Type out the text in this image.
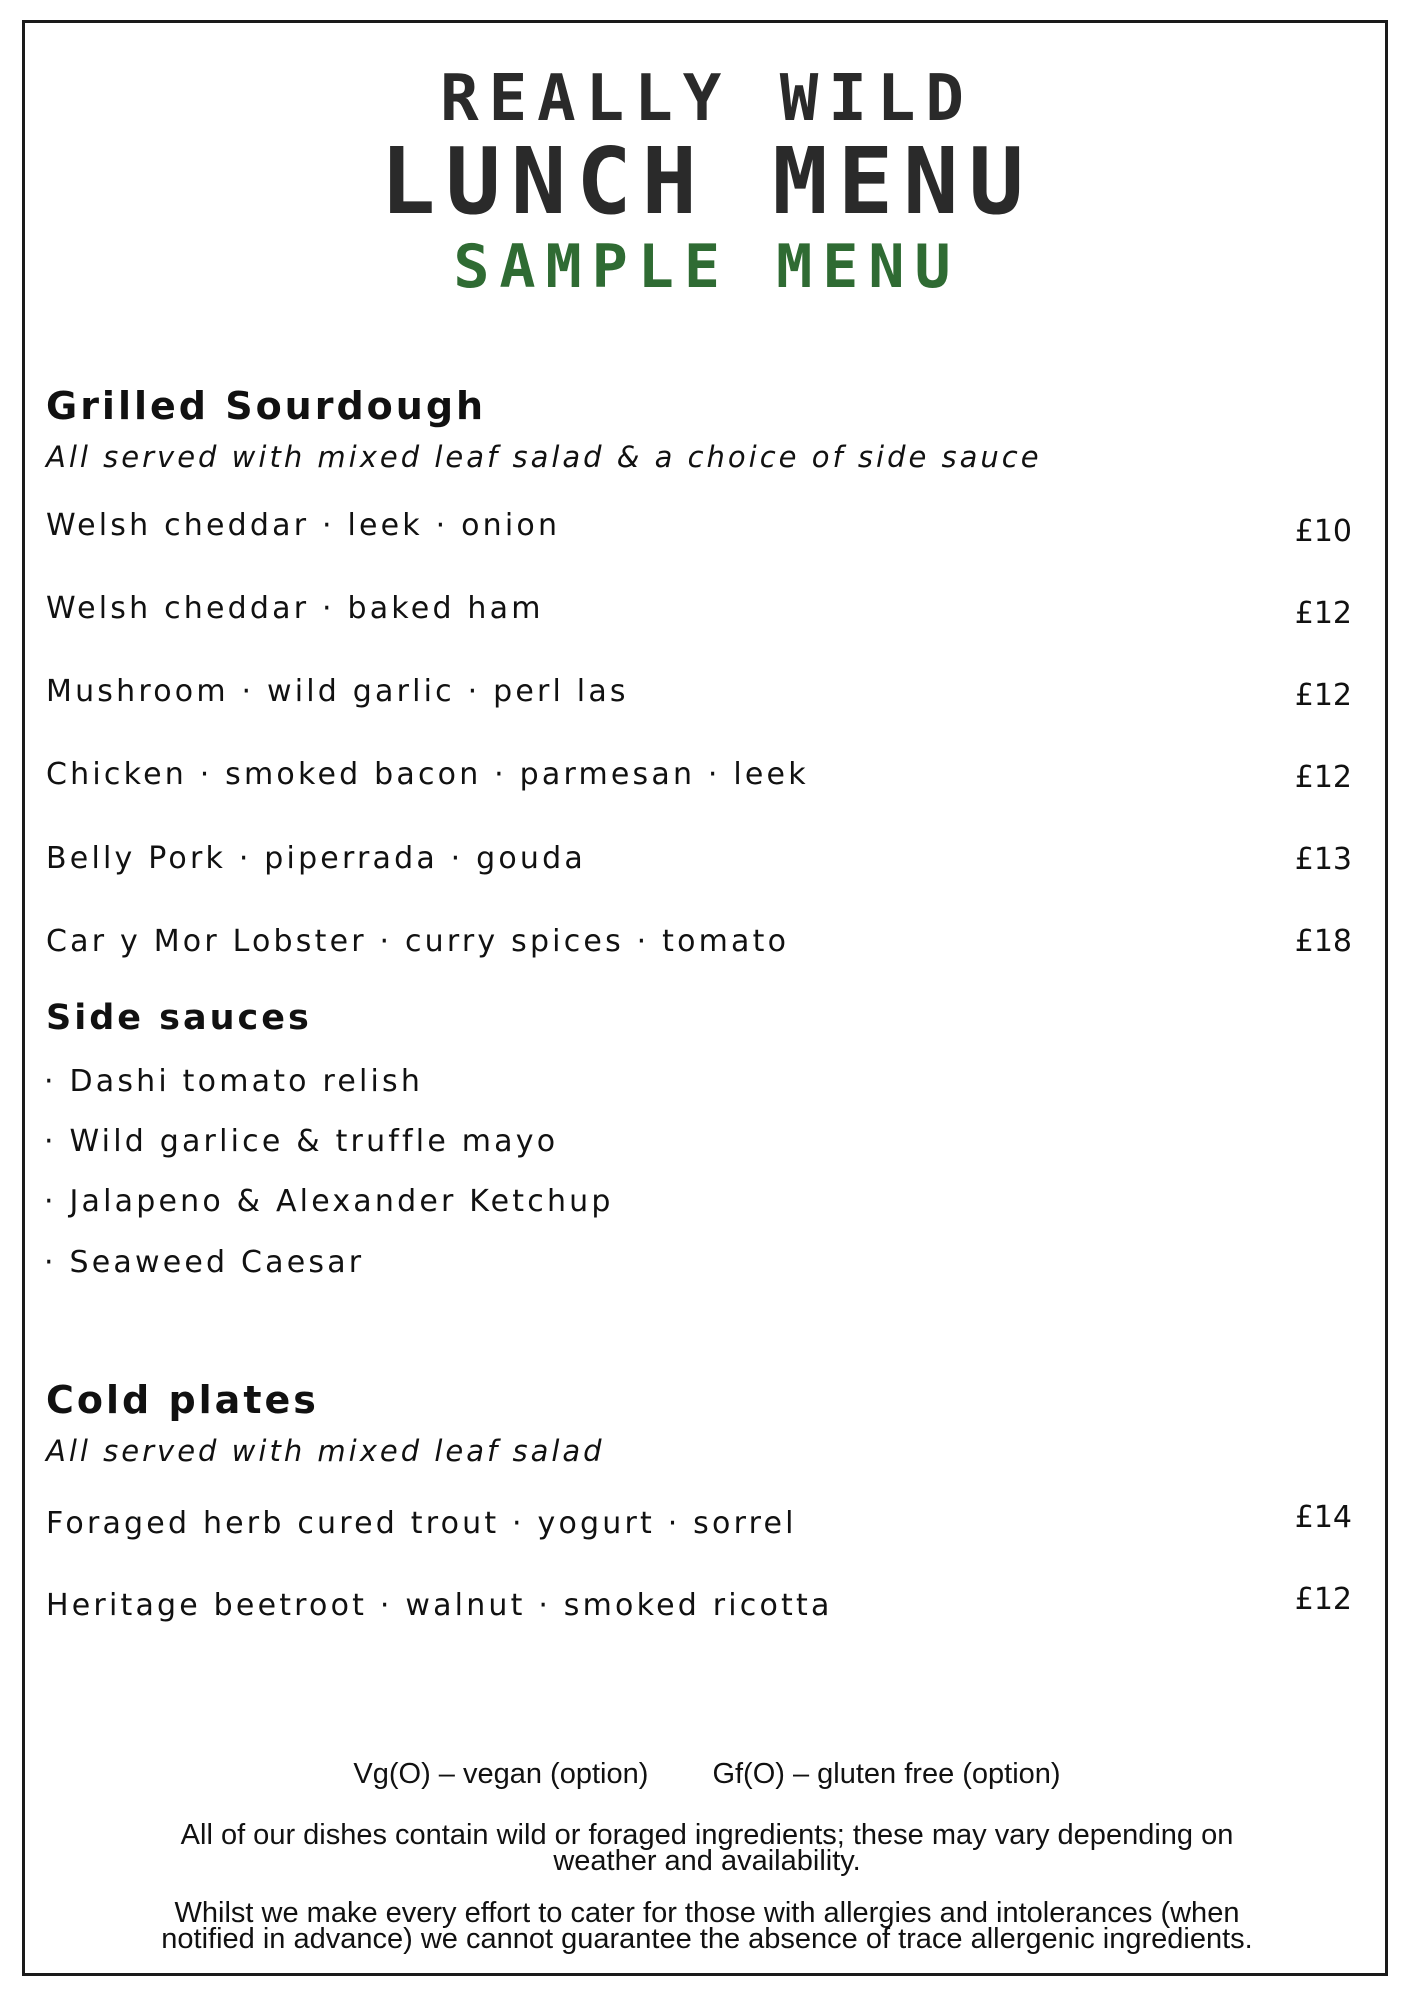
REALLY WILD
LUNCH MENU
SAMPLE MENU
Grilled Sourdough
All served with mixed leaf salad & a choice of side sauce
Welsh cheddar · leek · onion	£10
Welsh cheddar · baked ham	£12
Mushroom · wild garlic · perl las	£12
Chicken · smoked bacon · parmesan · leek	£12
Belly Pork · piperrada · gouda	£13
Car y Mor Lobster · curry spices · tomato	£18
Side sauces
· Dashi tomato relish
· Wild garlice & truffle mayo
· Jalapeno & Alexander Ketchup
· Seaweed Caesar
Cold plates
All served with mixed leaf salad
Foraged herb cured trout · yogurt · sorrel	£14
Heritage beetroot · walnut · smoked ricotta	£12
Vg(O) – vegan (option) Gf(O) – gluten free (option)
All of our dishes contain wild or foraged ingredients; these may vary depending on
weather and availability.
Whilst we make every effort to cater for those with allergies and intolerances (when
notified in advance) we cannot guarantee the absence of trace allergenic ingredients.
